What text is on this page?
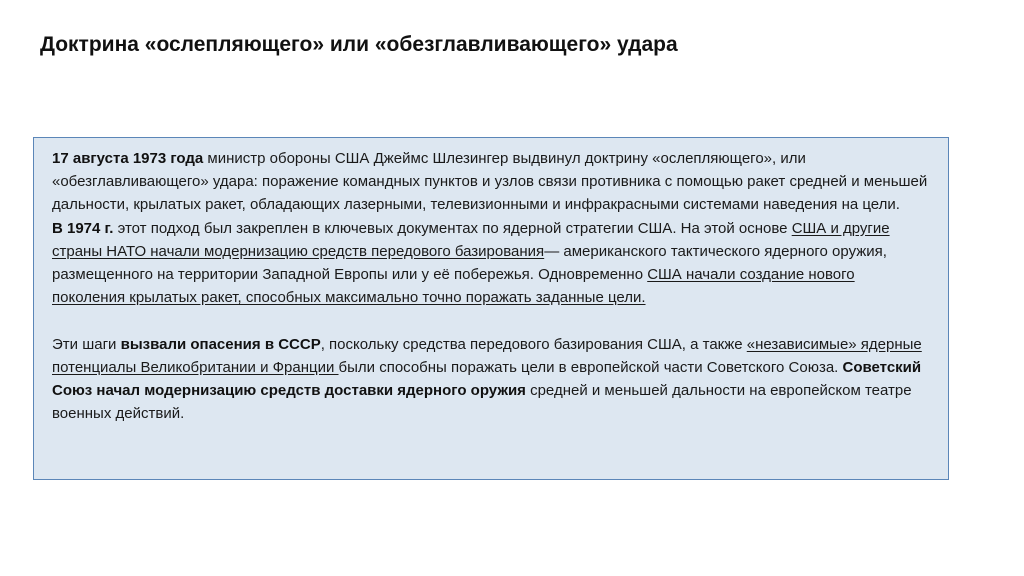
Доктрина «ослепляющего» или «обезглавливающего» удара

17 августа 1973 года министр обороны США Джеймс Шлезингер выдвинул доктрину «ослепляющего», или «обезглавливающего» удара: поражение командных пунктов и узлов связи противника с помощью ракет средней и меньшей дальности, крылатых ракет, обладающих лазерными, телевизионными и инфракрасными системами наведения на цели.

В 1974 г. этот подход был закреплен в ключевых документах по ядерной стратегии США. На этой основе США и другие страны НАТО начали модернизацию средств передового базирования— американского тактического ядерного оружия, размещенного на территории Западной Европы или у её побережья. Одновременно США начали создание нового поколения крылатых ракет, способных максимально точно поражать заданные цели.

Эти шаги вызвали опасения в СССР, поскольку средства передового базирования США, а также «независимые» ядерные потенциалы Великобритании и Франции были способны поражать цели в европейской части Советского Союза. Советский Союз начал модернизацию средств доставки ядерного оружия средней и меньшей дальности на европейском театре военных действий.
